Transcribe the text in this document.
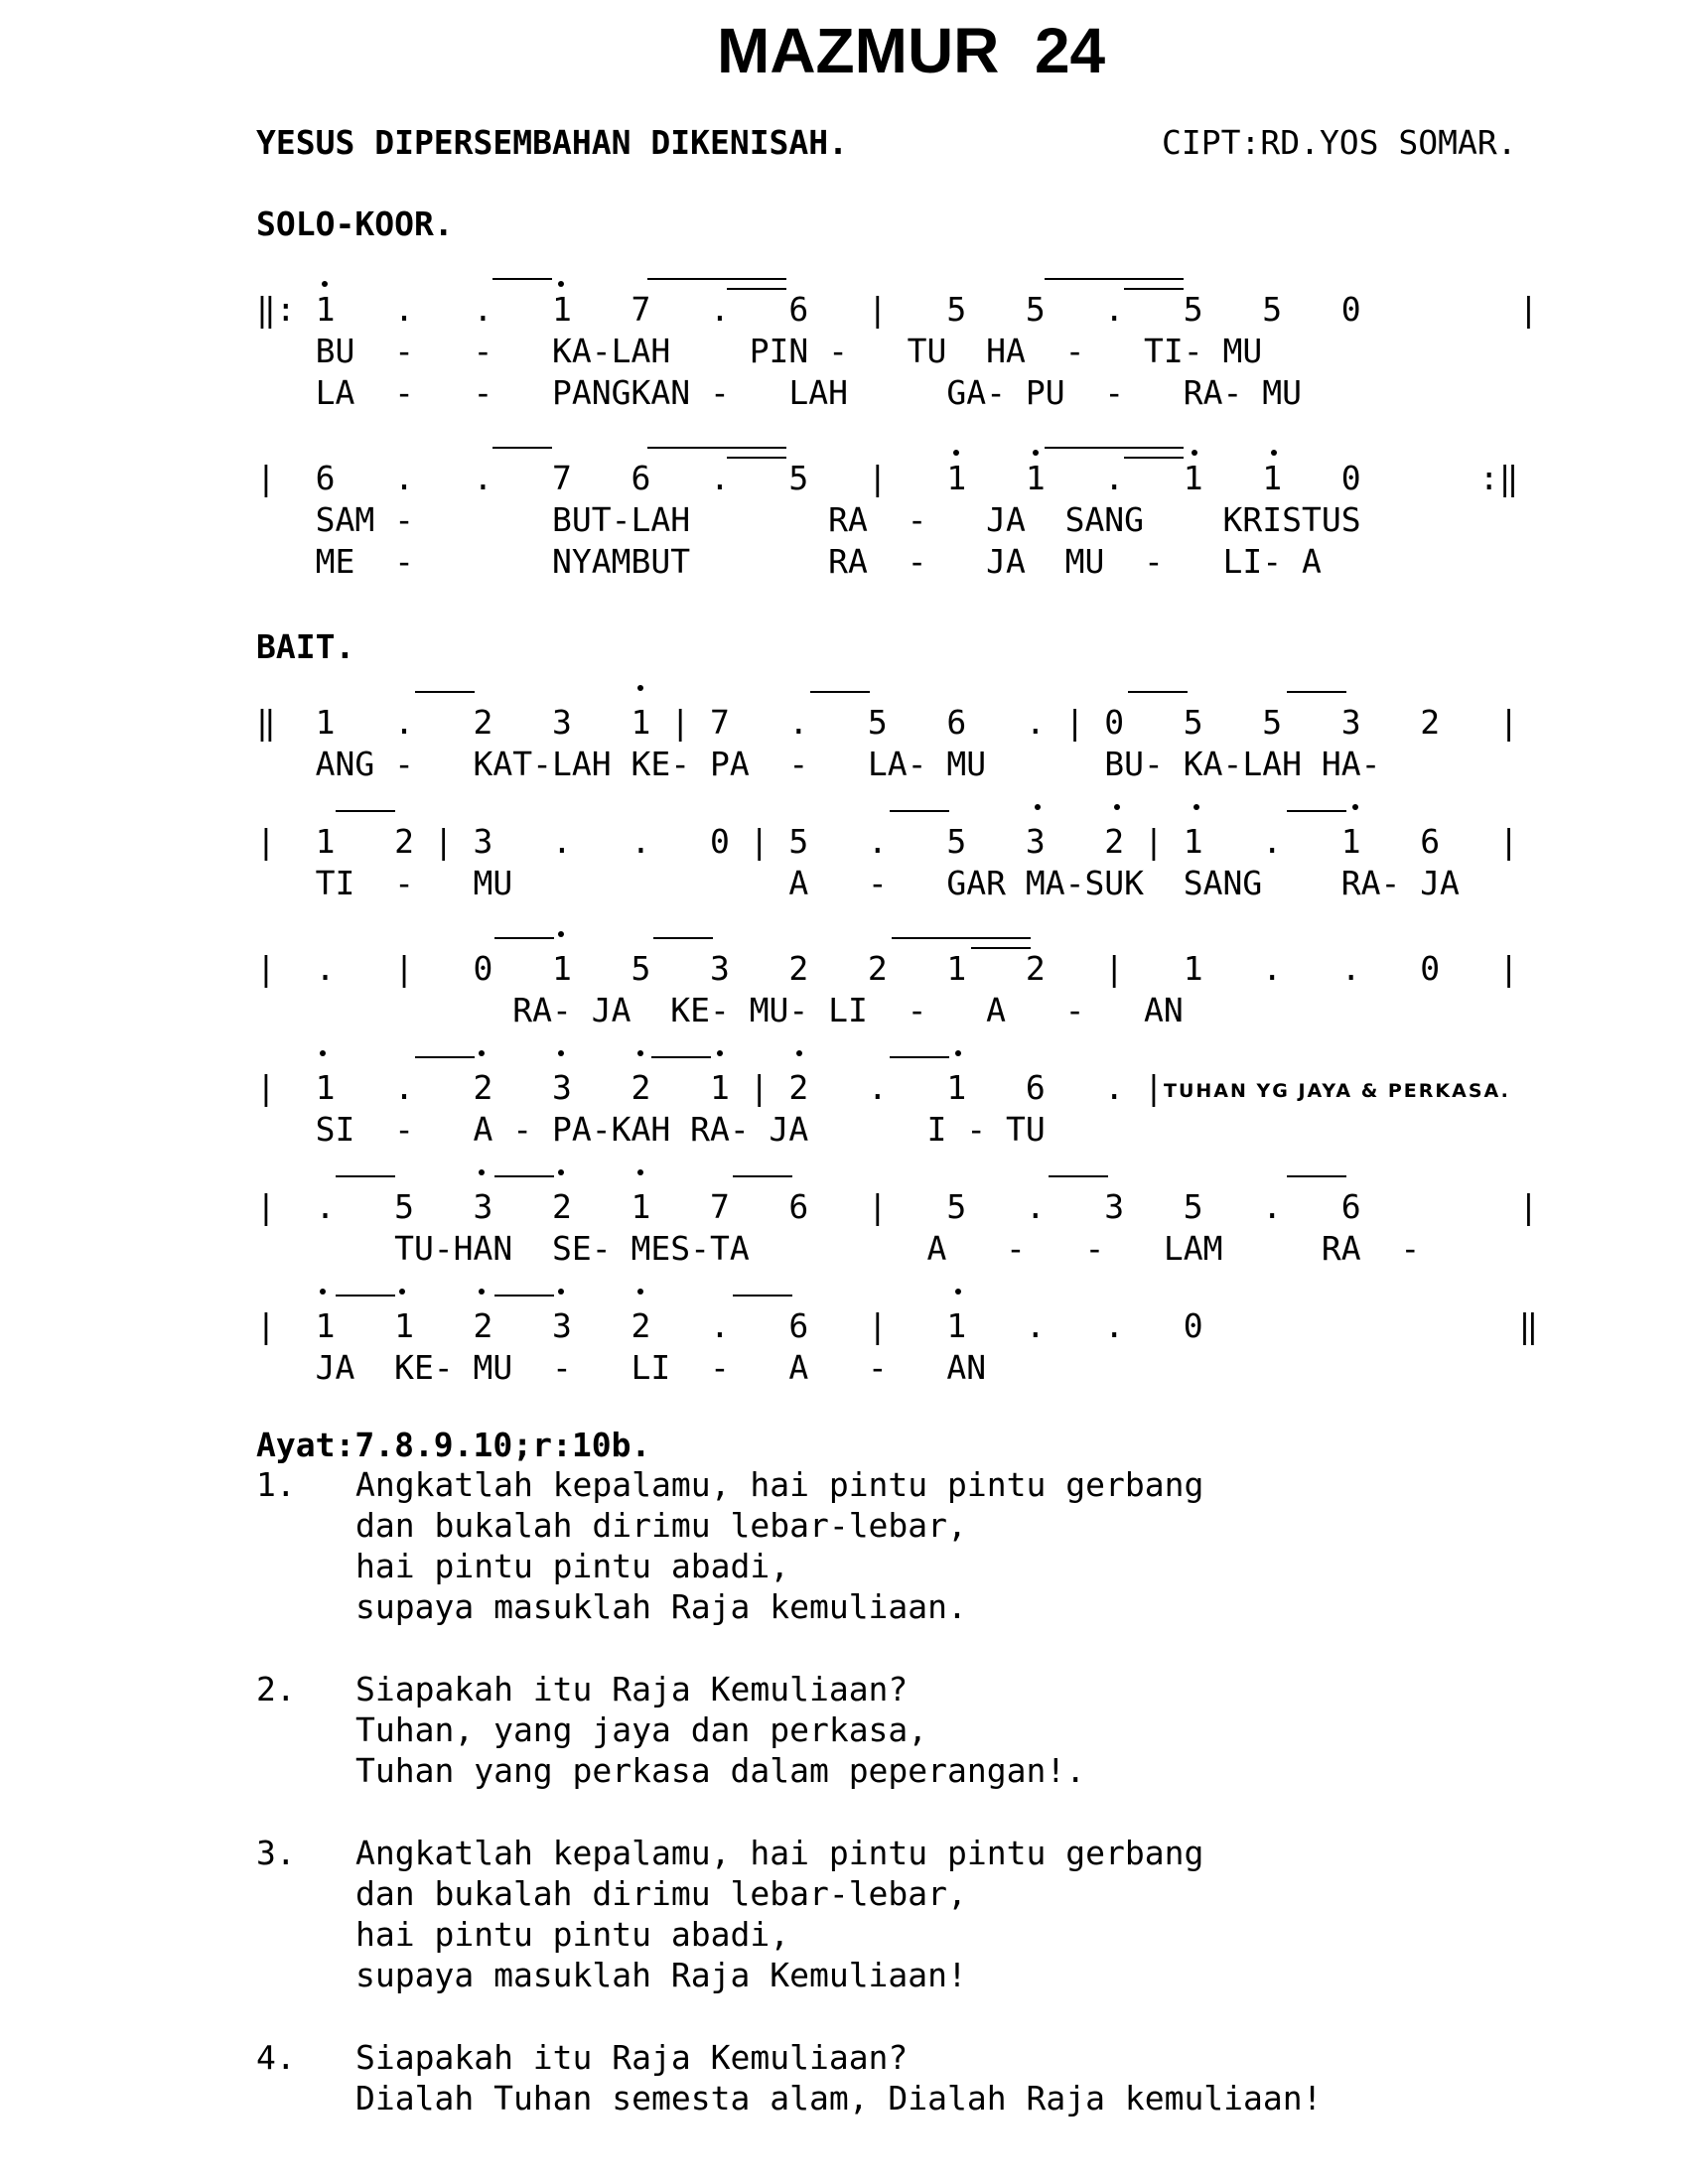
MAZMUR  24
YESUS DIPERSEMBAHAN DIKENISAH.	CIPT:RD.YOS SOMAR.
SOLO-KOOR.
‖: 1   .   .   1   7   .   6   |   5   5   .   5   5   0        |
BU  -   -   KA-LAH    PIN -   TU  HA  -   TI- MU
LA  -   -   PANGKAN -   LAH     GA- PU  -   RA- MU
|  6   .   .   7   6   .   5   |   1   1   .   1   1   0      :‖
SAM -       BUT-LAH       RA  -   JA  SANG    KRISTUS
ME  -       NYAMBUT       RA  -   JA  MU  -   LI- A
BAIT.
‖  1   .   2   3   1 | 7   .   5   6   . | 0   5   5   3   2   |
ANG -   KAT-LAH KE- PA  -   LA- MU      BU- KA-LAH HA-
|  1   2 | 3   .   .   0 | 5   .   5   3   2 | 1   .   1   6   |
TI  -   MU              A   -   GAR MA-SUK  SANG    RA- JA
|  .   |   0   1   5   3   2   2   1   2   |   1   .   .   0   |
RA- JA  KE- MU- LI  -   A   -   AN
|  1   .   2   3   2   1 | 2   .   1   6   . |
SI  -   A - PA-KAH RA- JA      I - TU
TUHAN YG JAYA & PERKASA.
|  .   5   3   2   1   7   6   |   5   .   3   5   .   6        |
TU-HAN  SE- MES-TA         A   -   -   LAM     RA  -
|  1   1   2   3   2   .   6   |   1   .   .   0                ‖
JA  KE- MU  -   LI  -   A   -   AN
Ayat:7.8.9.10;r:10b.
1. Angkatlah kepalamu, hai pintu pintu gerbang
dan bukalah dirimu lebar-lebar,
hai pintu pintu abadi,
supaya masuklah Raja kemuliaan.
2. Siapakah itu Raja Kemuliaan?
Tuhan, yang jaya dan perkasa,
Tuhan yang perkasa dalam peperangan!.
3. Angkatlah kepalamu, hai pintu pintu gerbang
dan bukalah dirimu lebar-lebar,
hai pintu pintu abadi,
supaya masuklah Raja Kemuliaan!
4. Siapakah itu Raja Kemuliaan?
Dialah Tuhan semesta alam, Dialah Raja kemuliaan!
